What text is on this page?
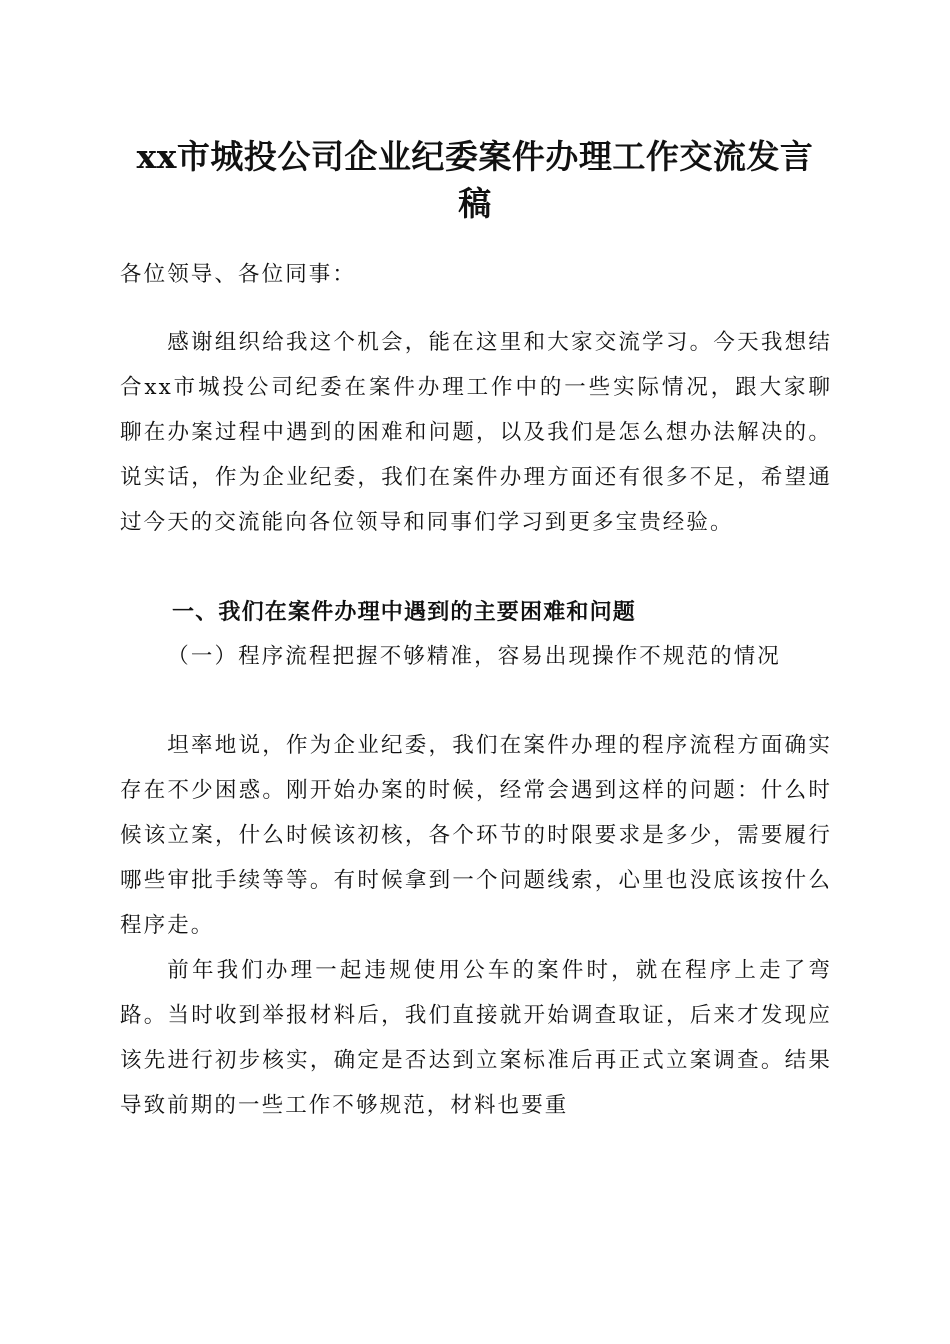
xx市城投公司企业纪委案件办理工作交流发言稿

各位领导、各位同事：

感谢组织给我这个机会，能在这里和大家交流学习。今天我想结合xx市城投公司纪委在案件办理工作中的一些实际情况，跟大家聊聊在办案过程中遇到的困难和问题，以及我们是怎么想办法解决的。说实话，作为企业纪委，我们在案件办理方面还有很多不足，希望通过今天的交流能向各位领导和同事们学习到更多宝贵经验。

一、我们在案件办理中遇到的主要困难和问题

（一）程序流程把握不够精准，容易出现操作不规范的情况

坦率地说，作为企业纪委，我们在案件办理的程序流程方面确实存在不少困惑。刚开始办案的时候，经常会遇到这样的问题：什么时候该立案，什么时候该初核，各个环节的时限要求是多少，需要履行哪些审批手续等等。有时候拿到一个问题线索，心里也没底该按什么程序走。

前年我们办理一起违规使用公车的案件时，就在程序上走了弯路。当时收到举报材料后，我们直接就开始调查取证，后来才发现应该先进行初步核实，确定是否达到立案标准后再正式立案调查。结果导致前期的一些工作不够规范，材料也要重
